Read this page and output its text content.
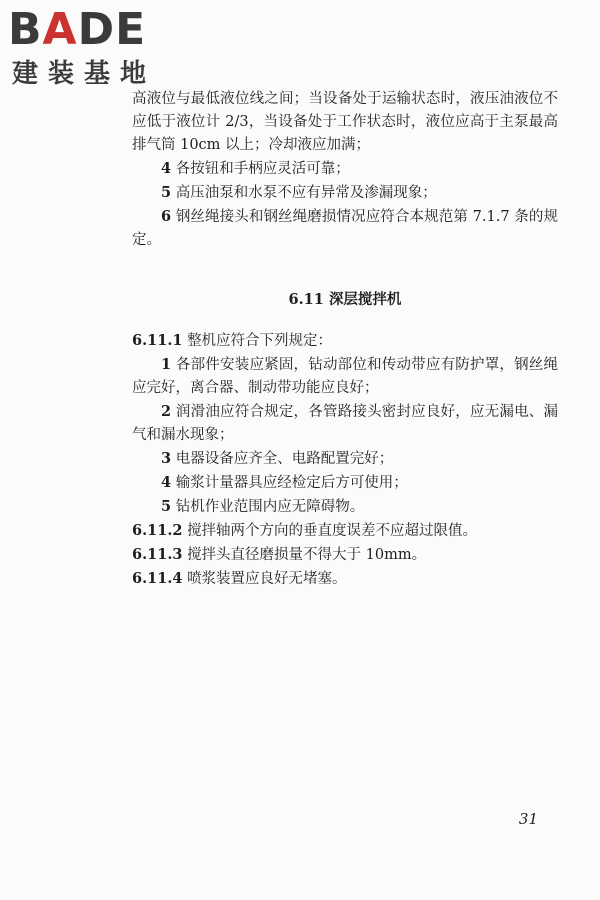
BADE
建装基地

高液位与最低液位线之间；当设备处于运输状态时，液压油液位不应低于液位计 2/3，当设备处于工作状态时，液位应高于主泵最高排气筒 10cm 以上；冷却液应加满；

4 各按钮和手柄应灵活可靠；

5 高压油泵和水泵不应有异常及渗漏现象；

6 钢丝绳接头和钢丝绳磨损情况应符合本规范第 7.1.7 条的规定。

6.11 深层搅拌机

6.11.1 整机应符合下列规定：

1 各部件安装应紧固，钻动部位和传动带应有防护罩，钢丝绳应完好，离合器、制动带功能应良好；

2 润滑油应符合规定，各管路接头密封应良好，应无漏电、漏气和漏水现象；

3 电器设备应齐全、电路配置完好；

4 输浆计量器具应经检定后方可使用；

5 钻机作业范围内应无障碍物。

6.11.2 搅拌轴两个方向的垂直度误差不应超过限值。

6.11.3 搅拌头直径磨损量不得大于 10mm。

6.11.4 喷浆装置应良好无堵塞。

31
